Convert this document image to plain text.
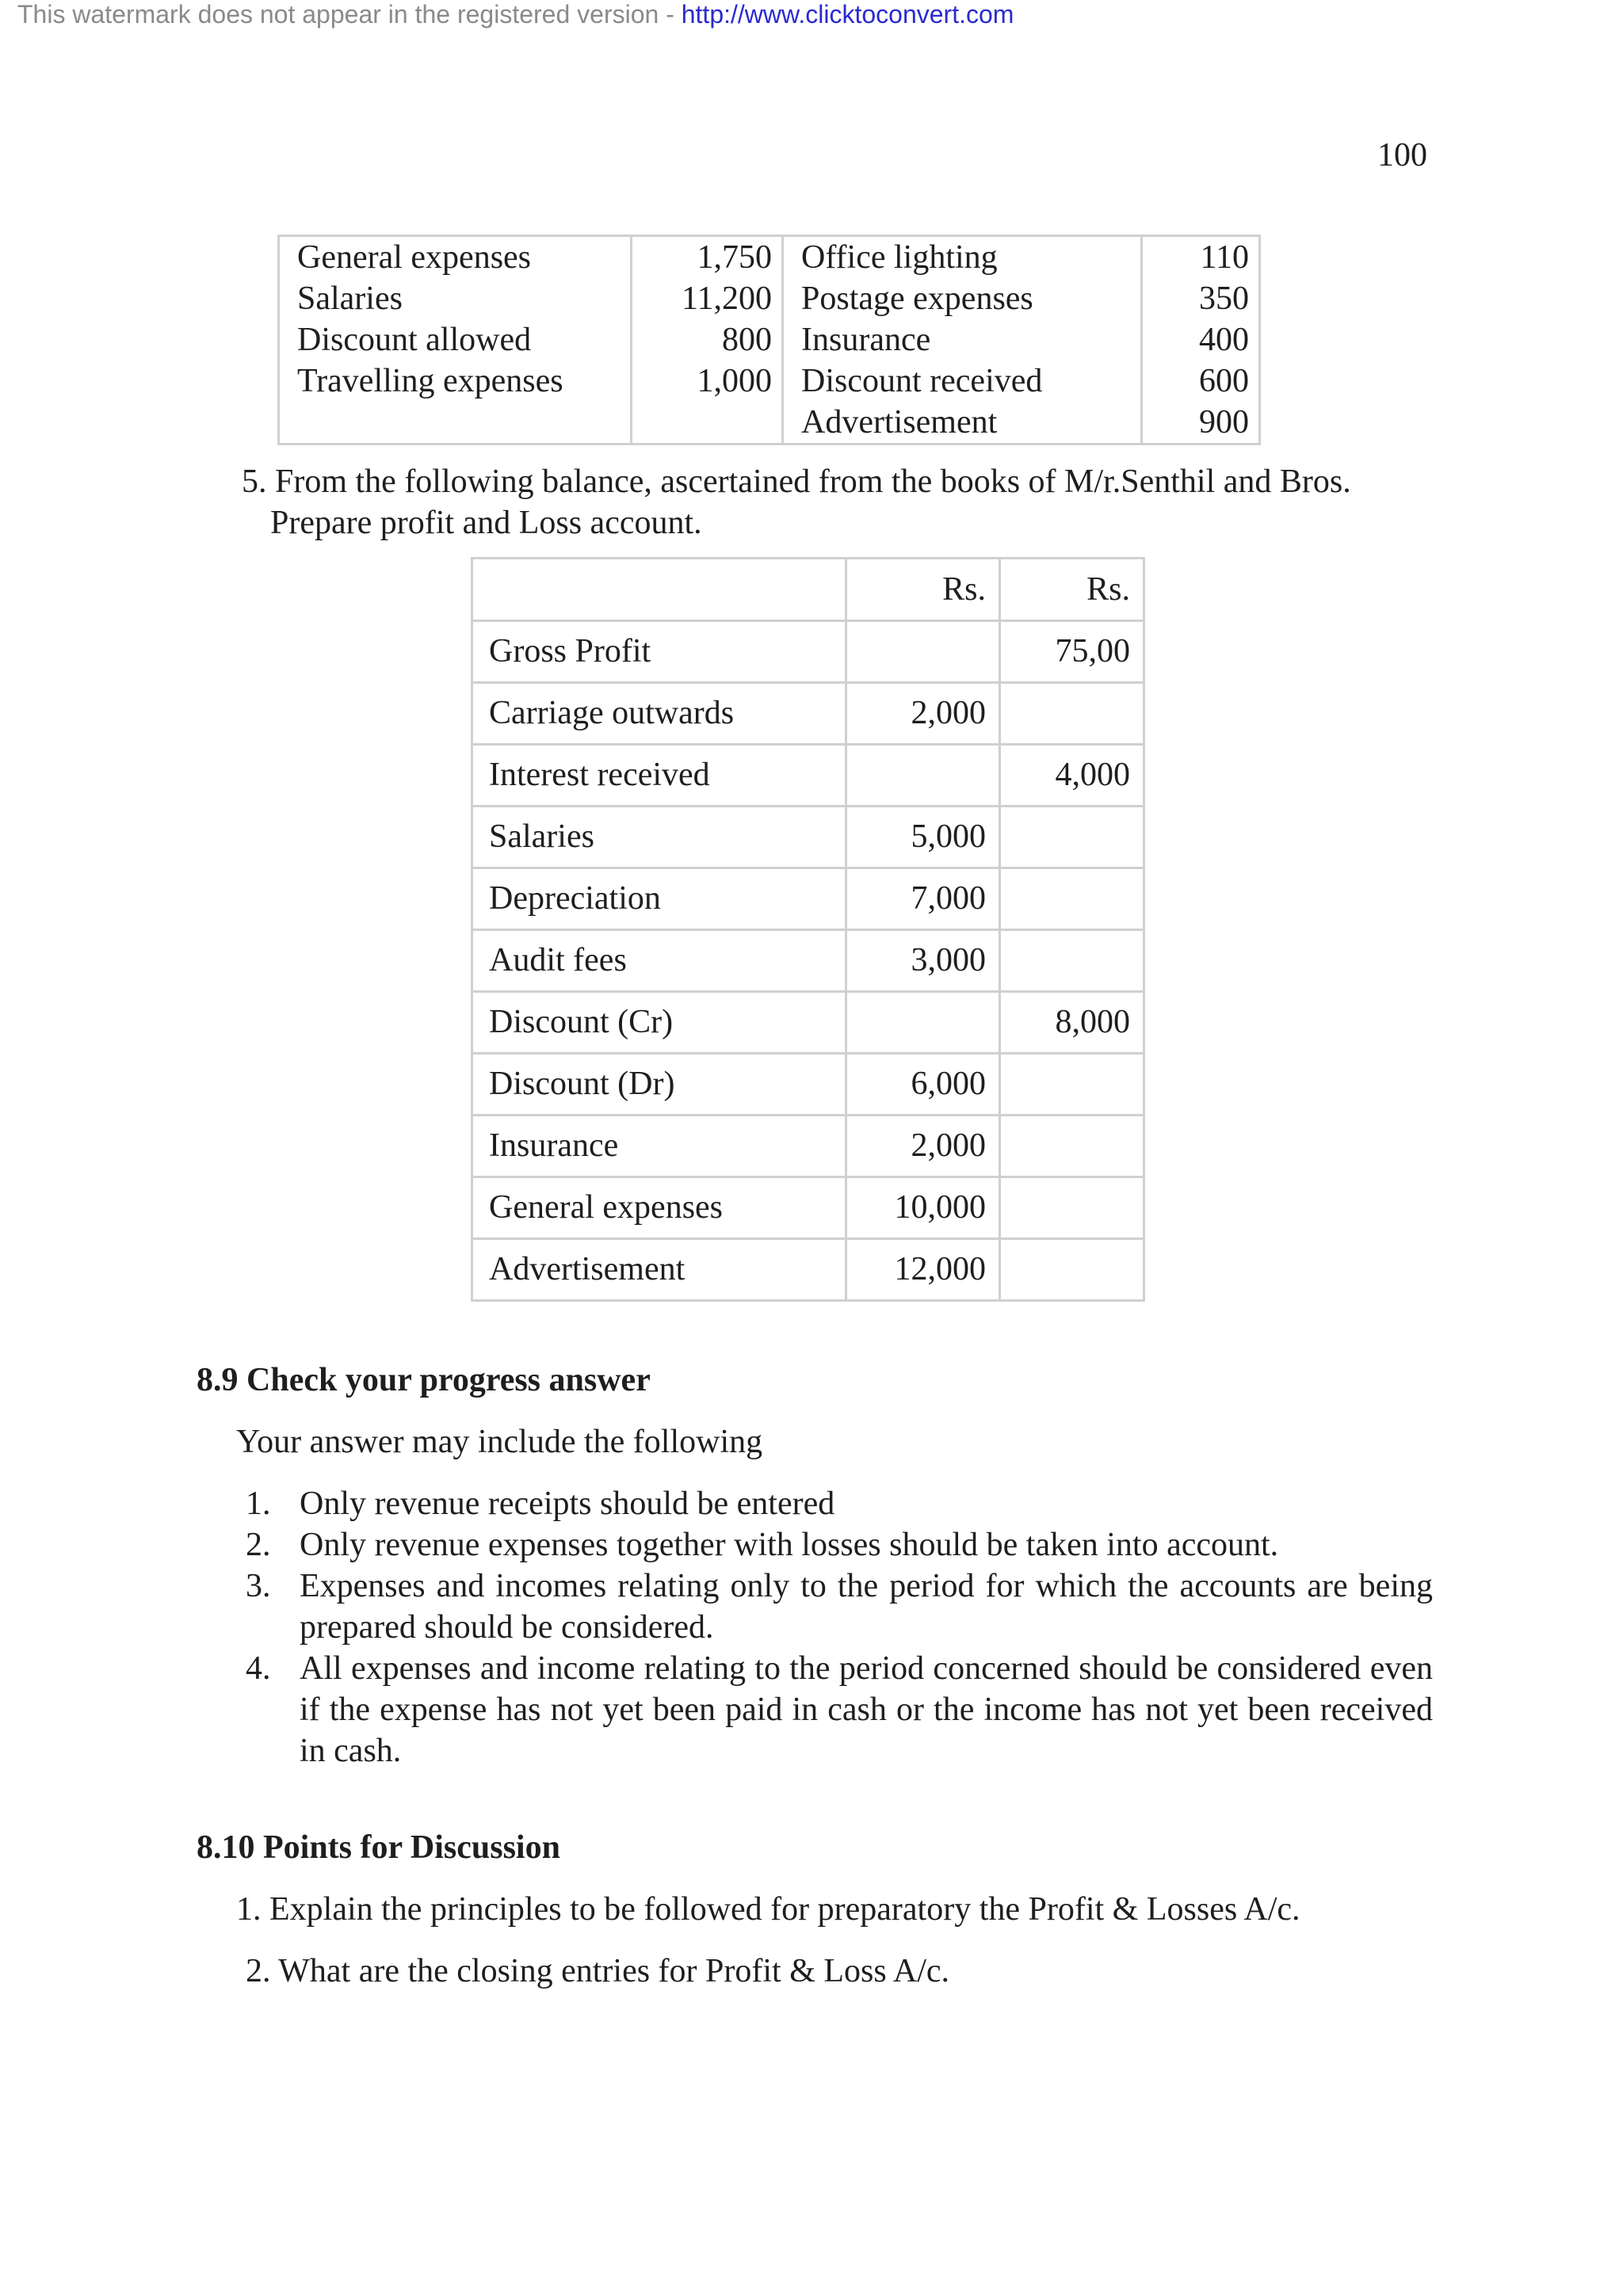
This watermark does not appear in the registered version - http://www.clicktoconvert.com
100
General expenses	1,750	Office lighting	110
Salaries	11,200	Postage expenses	350
Discount allowed	800	Insurance	400
Travelling expenses	1,000	Discount received	600
		Advertisement	900
5. From the following balance, ascertained from the books of M/r.Senthil and Bros.
Prepare profit and Loss account.
	Rs.	Rs.
Gross Profit		75,00
Carriage outwards	2,000	
Interest received		4,000
Salaries	5,000	
Depreciation	7,000	
Audit fees	3,000	
Discount (Cr)		8,000
Discount (Dr)	6,000	
Insurance	2,000	
General expenses	10,000	
Advertisement	12,000	
8.9 Check your progress answer
Your answer may include the following
1. Only revenue receipts should be entered
2. Only revenue expenses together with losses should be taken into account.
3. Expenses and incomes relating only to the period for which the accounts are being prepared should be considered.
4. All expenses and income relating to the period concerned should be considered even if the expense has not yet been paid in cash or the income has not yet been received in cash.
8.10 Points for Discussion
1. Explain the principles to be followed for preparatory the Profit & Losses A/c.
2. What are the closing entries for Profit & Loss A/c.
